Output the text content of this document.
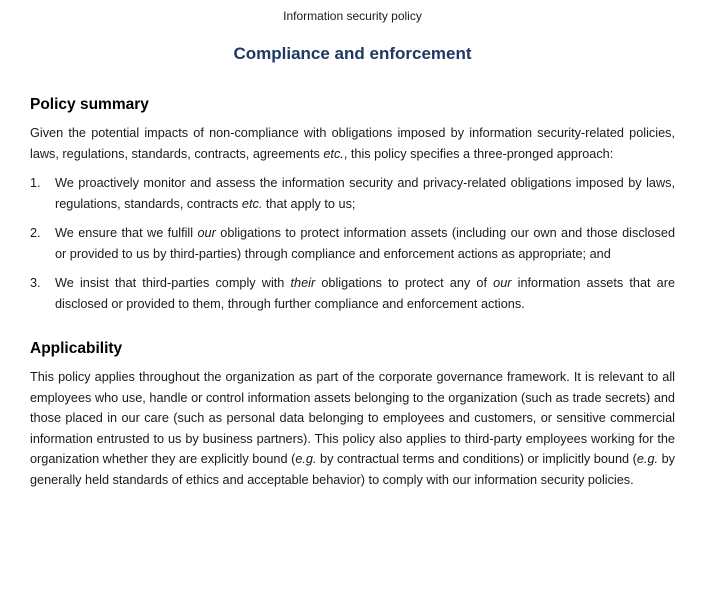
Information security policy
Compliance and enforcement
Policy summary

Given the potential impacts of non-compliance with obligations imposed by information security-related policies, laws, regulations, standards, contracts, agreements etc., this policy specifies a three-pronged approach:

1.	We proactively monitor and assess the information security and privacy-related obligations imposed by laws, regulations, standards, contracts etc. that apply to us;
2.	We ensure that we fulfill our obligations to protect information assets (including our own and those disclosed or provided to us by third-parties) through compliance and enforcement actions as appropriate; and
3.	We insist that third-parties comply with their obligations to protect any of our information assets that are disclosed or provided to them, through further compliance and enforcement actions.
Applicability

This policy applies throughout the organization as part of the corporate governance framework. It is relevant to all employees who use, handle or control information assets belonging to the organization (such as trade secrets) and those placed in our care (such as personal data belonging to employees and customers, or sensitive commercial information entrusted to us by business partners). This policy also applies to third-party employees working for the organization whether they are explicitly bound (e.g. by contractual terms and conditions) or implicitly bound (e.g. by generally held standards of ethics and acceptable behavior) to comply with our information security policies.
